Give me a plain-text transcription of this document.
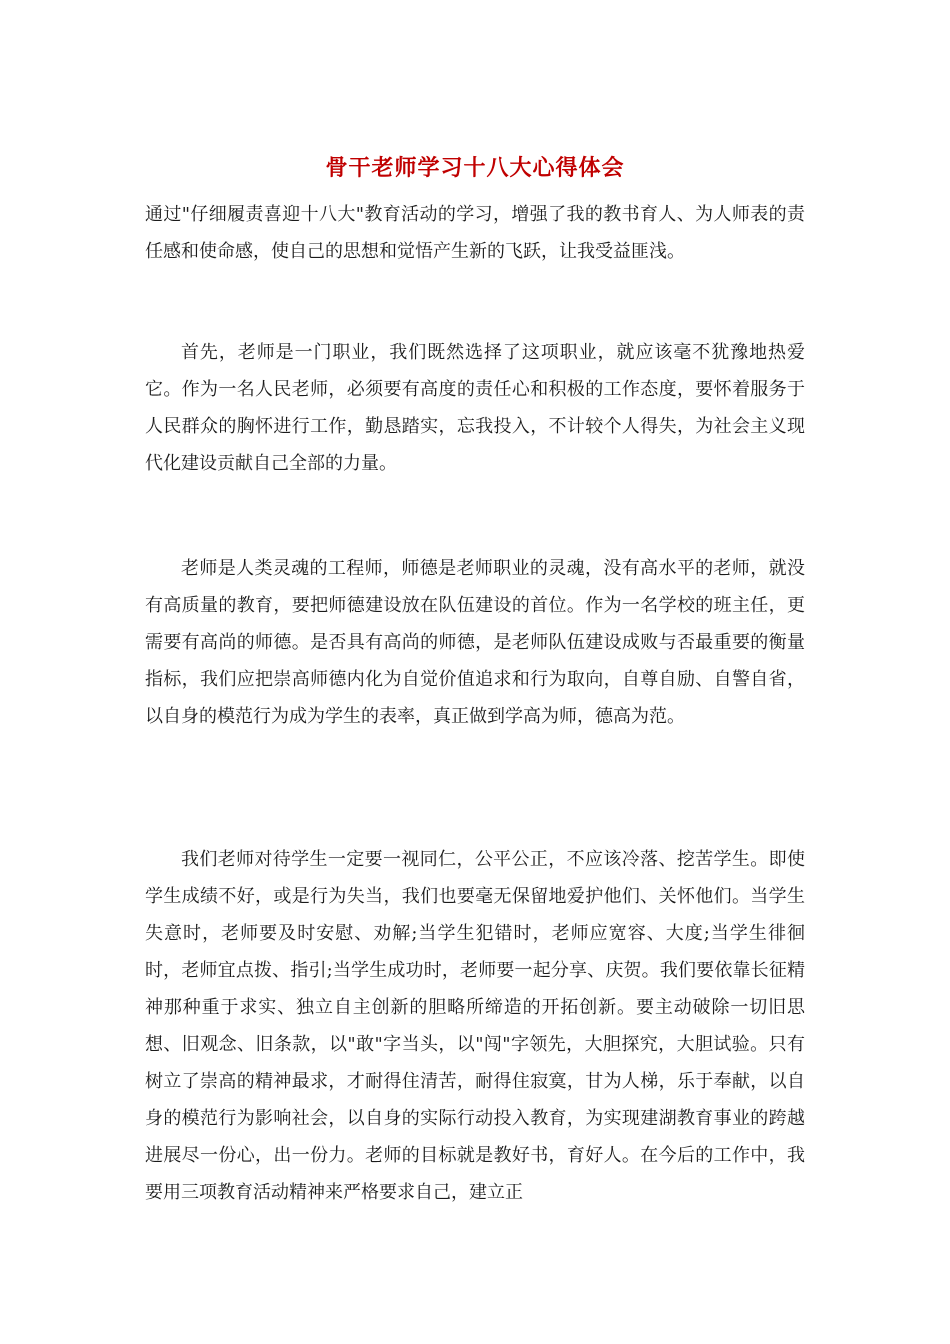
骨干老师学习十八大心得体会

通过"仔细履责喜迎十八大"教育活动的学习，增强了我的教书育人、为人师表的责任感和使命感，使自己的思想和觉悟产生新的飞跃，让我受益匪浅。

首先，老师是一门职业，我们既然选择了这项职业，就应该毫不犹豫地热爱它。作为一名人民老师，必须要有高度的责任心和积极的工作态度，要怀着服务于人民群众的胸怀进行工作，勤恳踏实，忘我投入，不计较个人得失，为社会主义现代化建设贡献自己全部的力量。

老师是人类灵魂的工程师，师德是老师职业的灵魂，没有高水平的老师，就没有高质量的教育，要把师德建设放在队伍建设的首位。作为一名学校的班主任，更需要有高尚的师德。是否具有高尚的师德，是老师队伍建设成败与否最重要的衡量指标，我们应把崇高师德内化为自觉价值追求和行为取向，自尊自励、自警自省，以自身的模范行为成为学生的表率，真正做到学高为师，德高为范。

我们老师对待学生一定要一视同仁，公平公正，不应该冷落、挖苦学生。即使学生成绩不好，或是行为失当，我们也要毫无保留地爱护他们、关怀他们。当学生失意时，老师要及时安慰、劝解;当学生犯错时，老师应宽容、大度;当学生徘徊时，老师宜点拨、指引;当学生成功时，老师要一起分享、庆贺。我们要依靠长征精神那种重于求实、独立自主创新的胆略所缔造的开拓创新。要主动破除一切旧思想、旧观念、旧条款，以"敢"字当头，以"闯"字领先，大胆探究，大胆试验。只有树立了崇高的精神最求，才耐得住清苦，耐得住寂寞，甘为人梯，乐于奉献，以自身的模范行为影响社会，以自身的实际行动投入教育，为实现建湖教育事业的跨越进展尽一份心，出一份力。老师的目标就是教好书，育好人。在今后的工作中，我要用三项教育活动精神来严格要求自己，建立正
